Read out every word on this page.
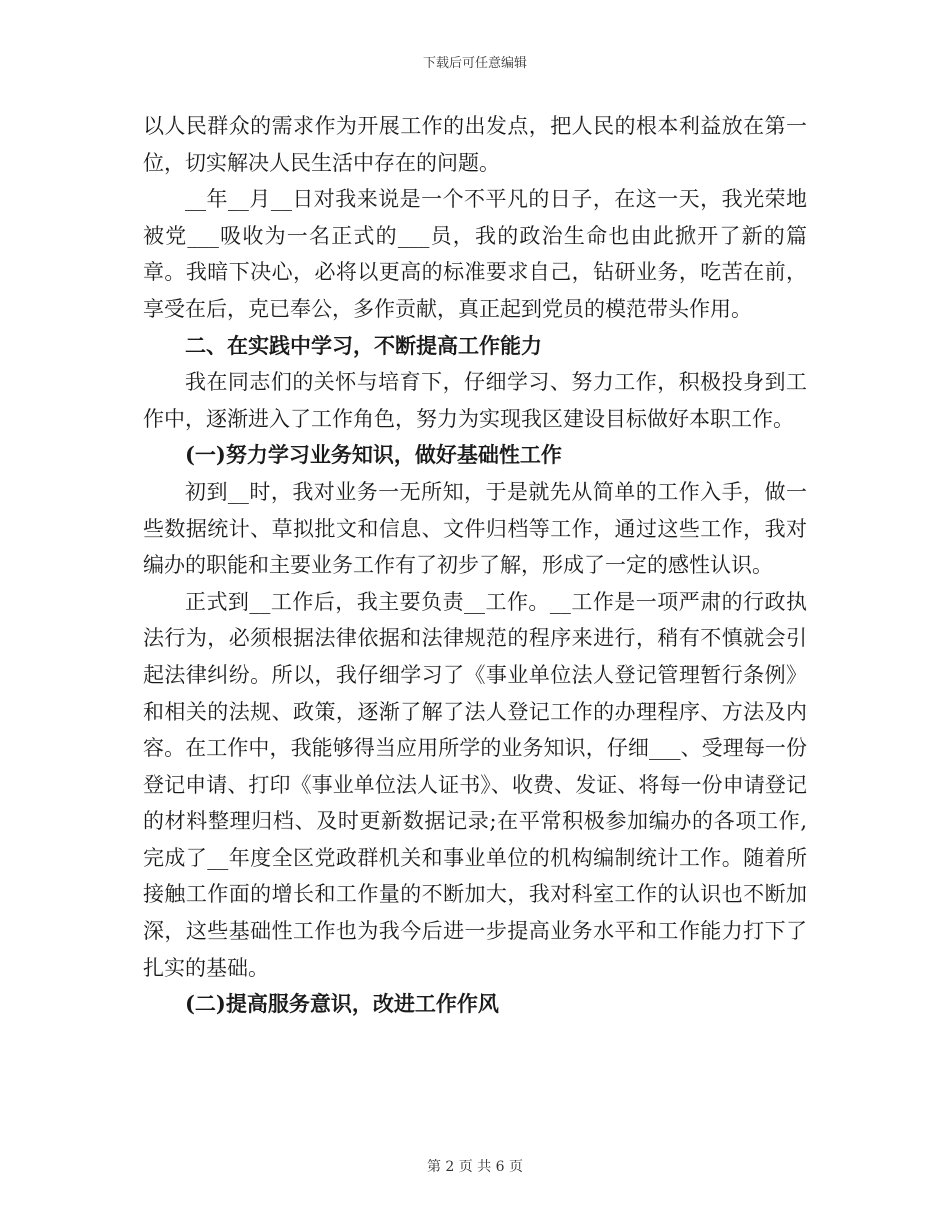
下载后可任意编辑

以人民群众的需求作为开展工作的出发点，把人民的根本利益放在第一位，切实解决人民生活中存在的问题。

__年__月__日对我来说是一个不平凡的日子，在这一天，我光荣地被党___吸收为一名正式的___员，我的政治生命也由此掀开了新的篇章。我暗下决心，必将以更高的标准要求自己，钻研业务，吃苦在前，享受在后，克已奉公，多作贡献，真正起到党员的模范带头作用。

二、在实践中学习，不断提高工作能力

我在同志们的关怀与培育下，仔细学习、努力工作，积极投身到工作中，逐渐进入了工作角色，努力为实现我区建设目标做好本职工作。

(一)努力学习业务知识，做好基础性工作

初到__时，我对业务一无所知，于是就先从简单的工作入手，做一些数据统计、草拟批文和信息、文件归档等工作，通过这些工作，我对编办的职能和主要业务工作有了初步了解，形成了一定的感性认识。

正式到__工作后，我主要负责__工作。__工作是一项严肃的行政执法行为，必须根据法律依据和法律规范的程序来进行，稍有不慎就会引起法律纠纷。所以，我仔细学习了《事业单位法人登记管理暂行条例》和相关的法规、政策，逐渐了解了法人登记工作的办理程序、方法及内容。在工作中，我能够得当应用所学的业务知识，仔细___、受理每一份登记申请、打印《事业单位法人证书》、收费、发证、将每一份申请登记的材料整理归档、及时更新数据记录;在平常积极参加编办的各项工作,完成了__年度全区党政群机关和事业单位的机构编制统计工作。随着所接触工作面的增长和工作量的不断加大，我对科室工作的认识也不断加深，这些基础性工作也为我今后进一步提高业务水平和工作能力打下了扎实的基础。

(二)提高服务意识，改进工作作风

第 2 页 共 6 页
